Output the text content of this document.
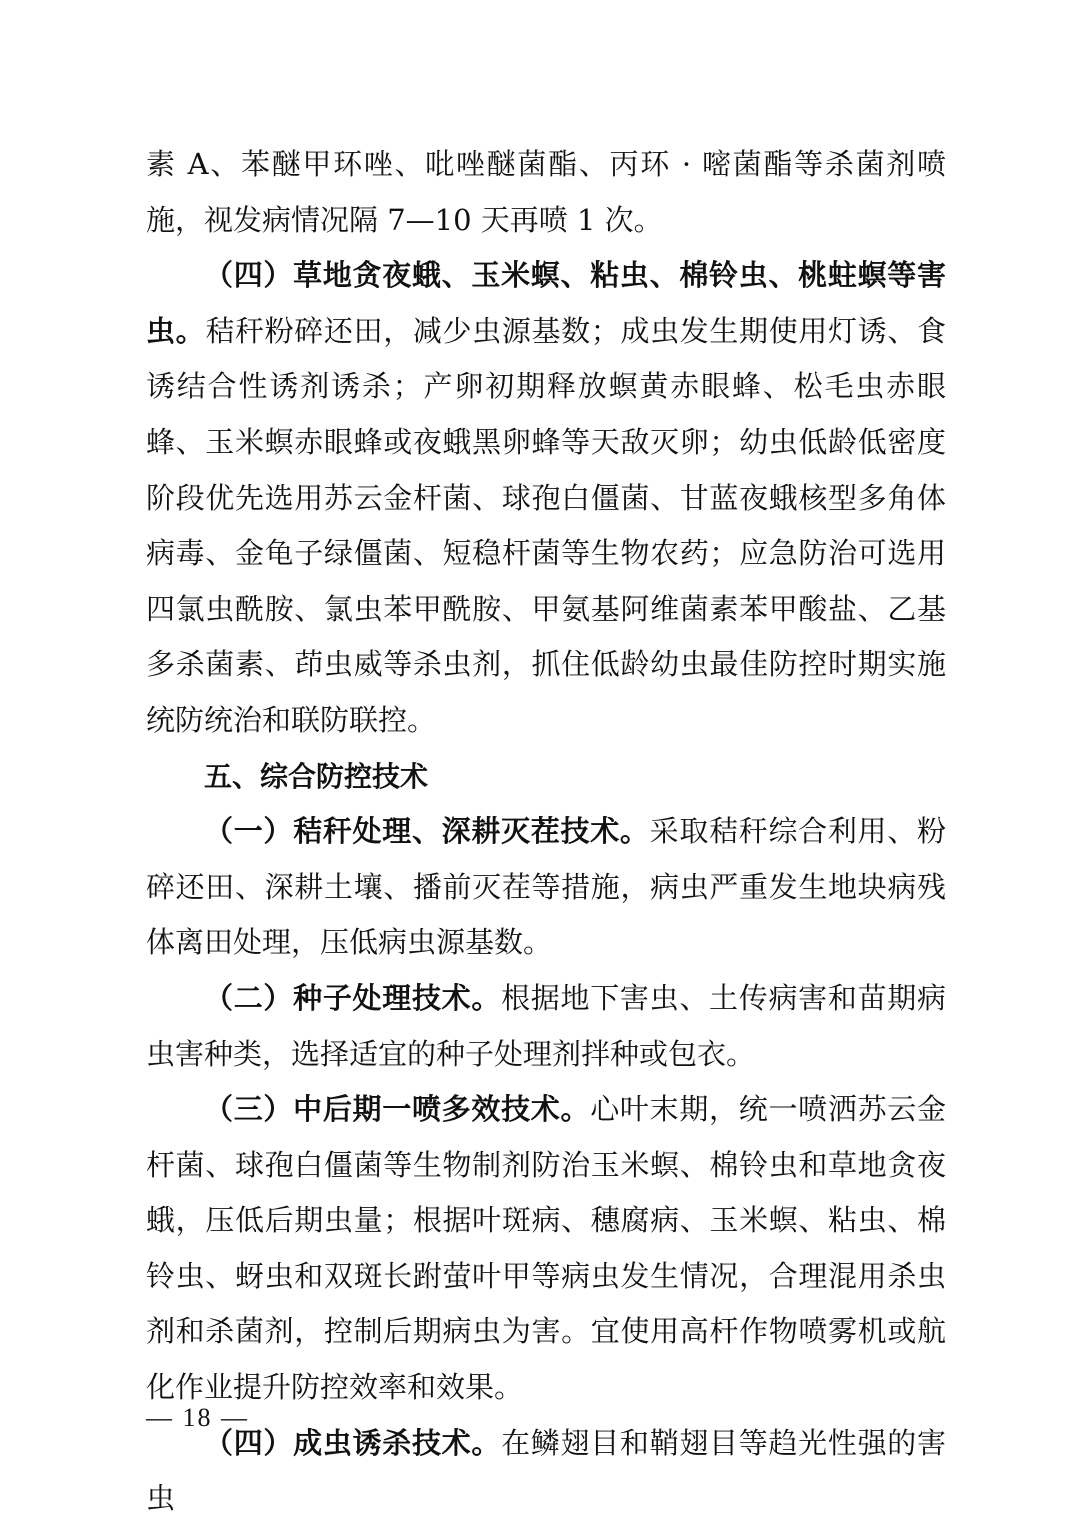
素 A、苯醚甲环唑、吡唑醚菌酯、丙环 · 嘧菌酯等杀菌剂喷施，视发病情况隔 7—10 天再喷 1 次。

（四）草地贪夜蛾、玉米螟、粘虫、棉铃虫、桃蛀螟等害虫。秸秆粉碎还田，减少虫源基数；成虫发生期使用灯诱、食诱结合性诱剂诱杀；产卵初期释放螟黄赤眼蜂、松毛虫赤眼蜂、玉米螟赤眼蜂或夜蛾黑卵蜂等天敌灭卵；幼虫低龄低密度阶段优先选用苏云金杆菌、球孢白僵菌、甘蓝夜蛾核型多角体病毒、金龟子绿僵菌、短稳杆菌等生物农药；应急防治可选用四氯虫酰胺、氯虫苯甲酰胺、甲氨基阿维菌素苯甲酸盐、乙基多杀菌素、茚虫威等杀虫剂，抓住低龄幼虫最佳防控时期实施统防统治和联防联控。

五、综合防控技术

（一）秸秆处理、深耕灭茬技术。采取秸秆综合利用、粉碎还田、深耕土壤、播前灭茬等措施，病虫严重发生地块病残体离田处理，压低病虫源基数。

（二）种子处理技术。根据地下害虫、土传病害和苗期病虫害种类，选择适宜的种子处理剂拌种或包衣。

（三）中后期一喷多效技术。心叶末期，统一喷洒苏云金杆菌、球孢白僵菌等生物制剂防治玉米螟、棉铃虫和草地贪夜蛾，压低后期虫量；根据叶斑病、穗腐病、玉米螟、粘虫、棉铃虫、蚜虫和双斑长跗萤叶甲等病虫发生情况，合理混用杀虫剂和杀菌剂，控制后期病虫为害。宜使用高杆作物喷雾机或航化作业提升防控效率和效果。

（四）成虫诱杀技术。在鳞翅目和鞘翅目等趋光性强的害虫

— 18 —
